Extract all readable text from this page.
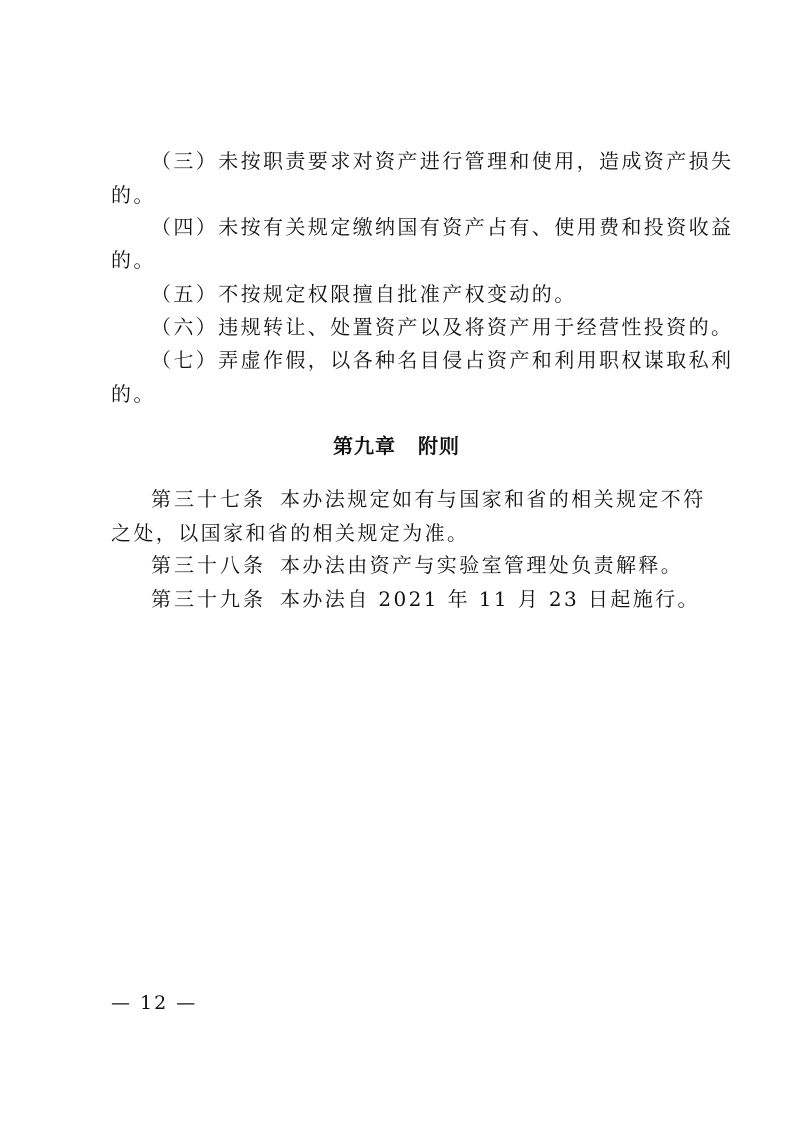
（三）未按职责要求对资产进行管理和使用，造成资产损失
的。
（四）未按有关规定缴纳国有资产占有、使用费和投资收益
的。
（五）不按规定权限擅自批准产权变动的。
（六）违规转让、处置资产以及将资产用于经营性投资的。
（七）弄虚作假，以各种名目侵占资产和利用职权谋取私利
的。
第九章 附则
第三十七条 本办法规定如有与国家和省的相关规定不符
之处，以国家和省的相关规定为准。
第三十八条 本办法由资产与实验室管理处负责解释。
第三十九条 本办法自 2021 年 11 月 23 日起施行。
— 12 —
